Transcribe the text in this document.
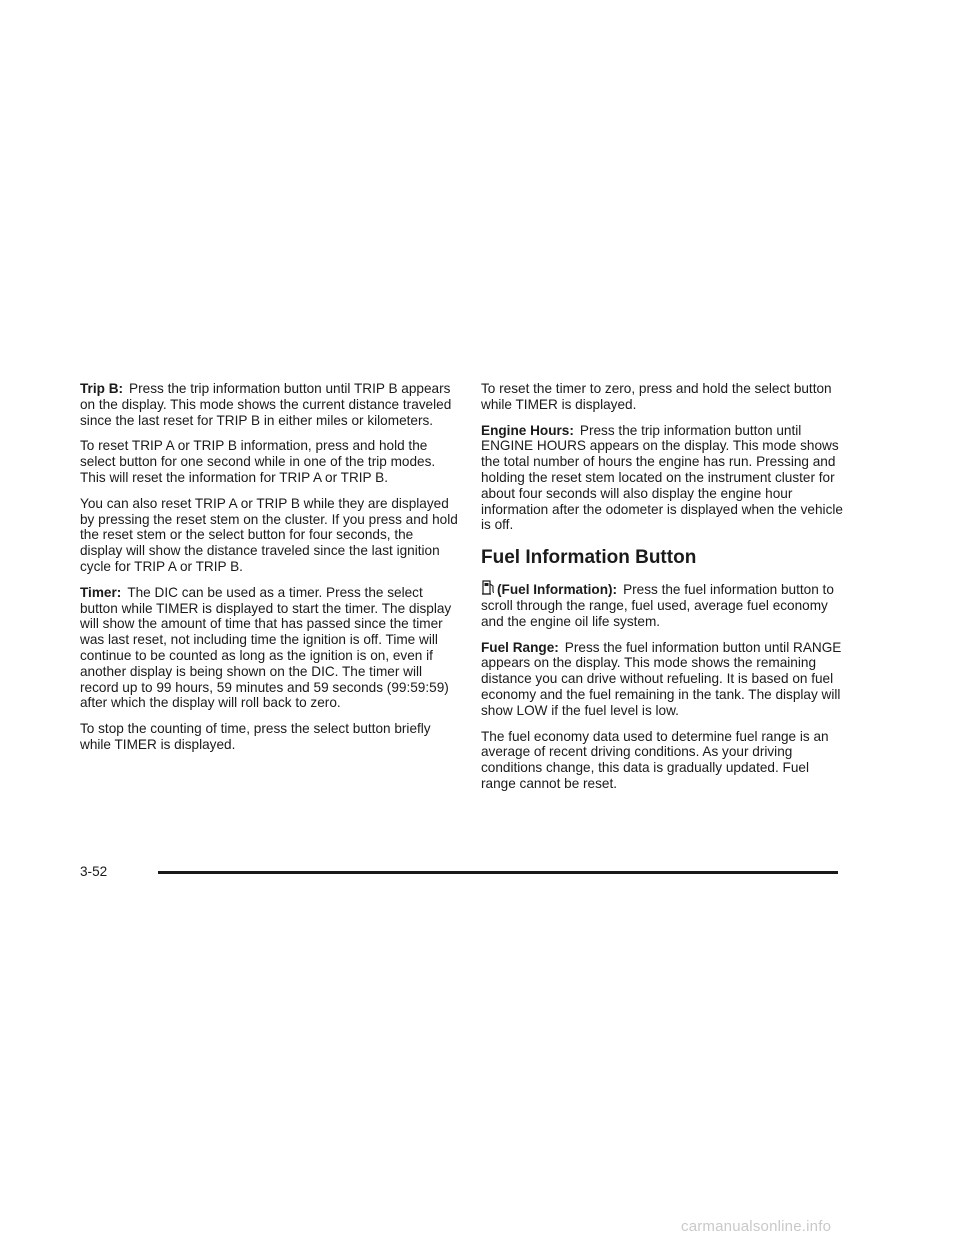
Trip B: Press the trip information button until TRIP B appears on the display. This mode shows the current distance traveled since the last reset for TRIP B in either miles or kilometers.

To reset TRIP A or TRIP B information, press and hold the select button for one second while in one of the trip modes. This will reset the information for TRIP A or TRIP B.

You can also reset TRIP A or TRIP B while they are displayed by pressing the reset stem on the cluster. If you press and hold the reset stem or the select button for four seconds, the display will show the distance traveled since the last ignition cycle for TRIP A or TRIP B.

Timer: The DIC can be used as a timer. Press the select button while TIMER is displayed to start the timer. The display will show the amount of time that has passed since the timer was last reset, not including time the ignition is off. Time will continue to be counted as long as the ignition is on, even if another display is being shown on the DIC. The timer will record up to 99 hours, 59 minutes and 59 seconds (99:59:59) after which the display will roll back to zero.

To stop the counting of time, press the select button briefly while TIMER is displayed.

To reset the timer to zero, press and hold the select button while TIMER is displayed.

Engine Hours: Press the trip information button until ENGINE HOURS appears on the display. This mode shows the total number of hours the engine has run. Pressing and holding the reset stem located on the instrument cluster for about four seconds will also display the engine hour information after the odometer is displayed when the vehicle is off.

Fuel Information Button

(Fuel Information): Press the fuel information button to scroll through the range, fuel used, average fuel economy and the engine oil life system.

Fuel Range: Press the fuel information button until RANGE appears on the display. This mode shows the remaining distance you can drive without refueling. It is based on fuel economy and the fuel remaining in the tank. The display will show LOW if the fuel level is low.

The fuel economy data used to determine fuel range is an average of recent driving conditions. As your driving conditions change, this data is gradually updated. Fuel range cannot be reset.

3-52
carmanualsonline.info
